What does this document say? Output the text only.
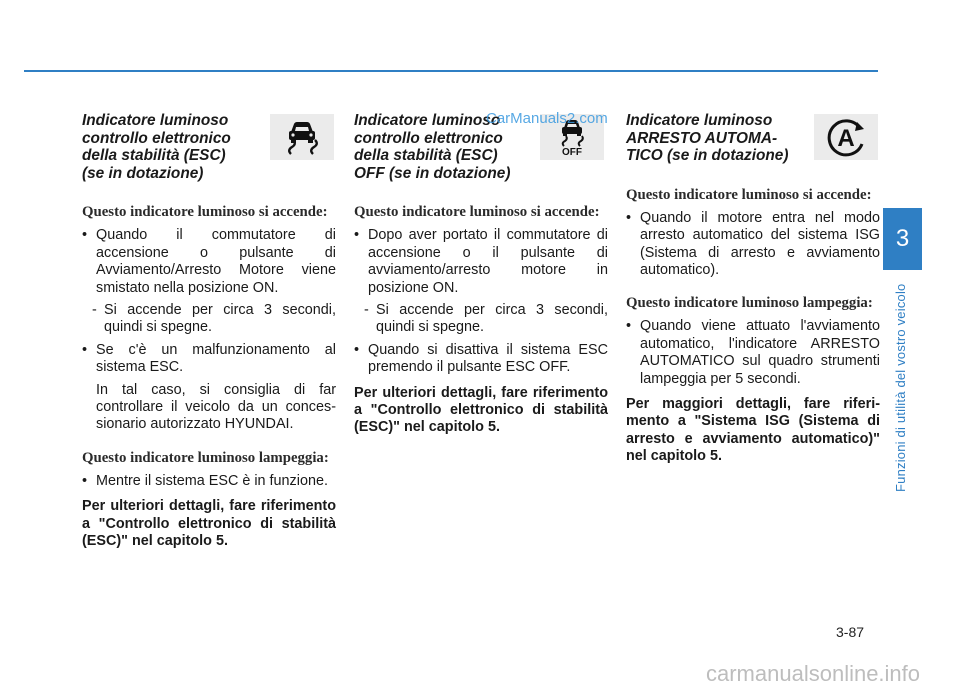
Indicatore luminoso controllo elettronico della stabilità (ESC) (se in dotazione)
Questo indicatore luminoso si accende:
• Quando il commutatore di accensione o pulsante di Avviamento/Arresto Motore viene smistato nella posizione ON.
- Si accende per circa 3 secondi, quindi si spegne.
• Se c'è un malfunzionamento al sistema ESC.
In tal caso, si consiglia di far controllare il veicolo da un concessionario autorizzato HYUNDAI.
Questo indicatore luminoso lampeggia:
• Mentre il sistema ESC è in funzione.
Per ulteriori dettagli, fare riferimento a "Controllo elettronico di stabilità (ESC)" nel capitolo 5.
OFF
Indicatore luminoso controllo elettronico della stabilità (ESC) OFF (se in dotazione)
Questo indicatore luminoso si accende:
• Dopo aver portato il commutatore di accensione o il pulsante di avviamento/arresto motore in posizione ON.
- Si accende per circa 3 secondi, quindi si spegne.
• Quando si disattiva il sistema ESC premendo il pulsante ESC OFF.
Per ulteriori dettagli, fare riferimento a "Controllo elettronico di stabilità (ESC)" nel capitolo 5.
CarManuals2.com
A
Indicatore luminoso ARRESTO AUTOMATICO (se in dotazione)
Questo indicatore luminoso si accende:
• Quando il motore entra nel modo arresto automatico del sistema ISG (Sistema di arresto e avviamento automatico).
Questo indicatore luminoso lampeggia:
• Quando viene attuato l'avviamento automatico, l'indicatore ARRESTO AUTOMATICO sul quadro strumenti lampeggia per 5 secondi.
Per maggiori dettagli, fare riferimento a "Sistema ISG (Sistema di arresto e avviamento automatico)" nel capitolo 5.
3
Funzioni di utilità del vostro veicolo
3-87
carmanualsonline.info
